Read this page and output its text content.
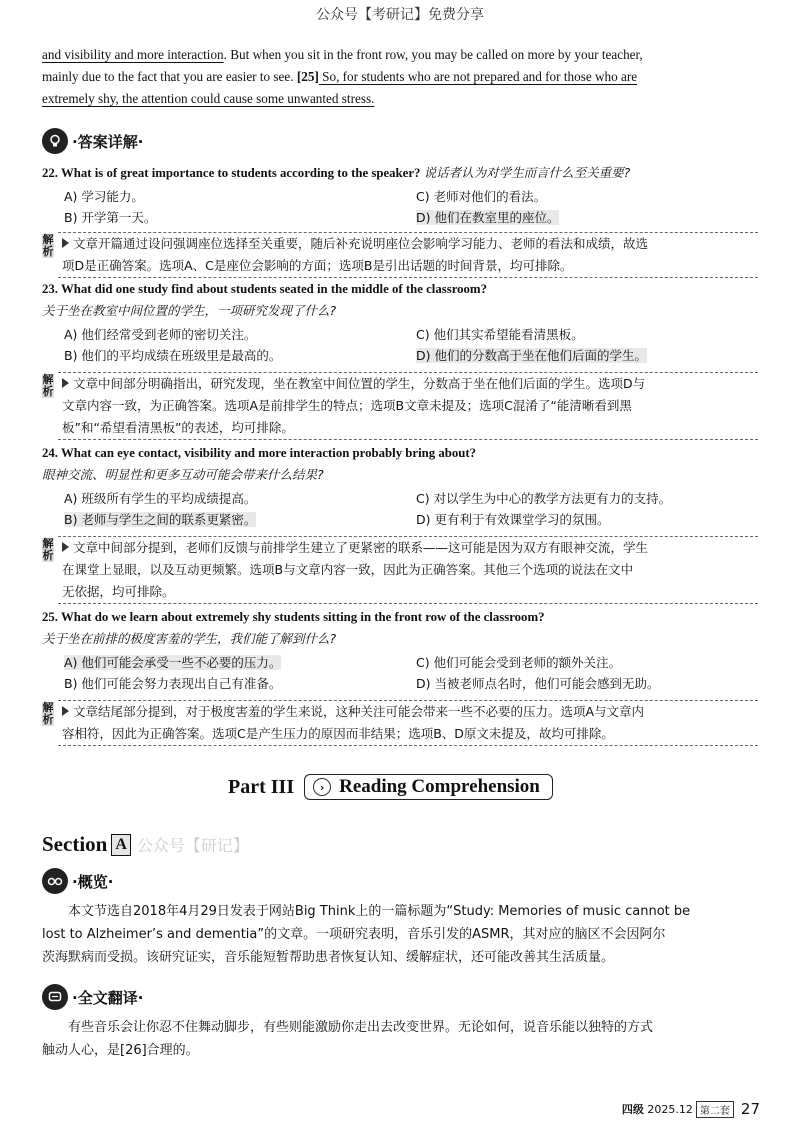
公众号【考研记】免费分享
and visibility and more interaction. But when you sit in the front row, you may be called on more by your teacher,
mainly due to the fact that you are easier to see. [25] So, for students who are not prepared and for those who are
extremely shy, the attention could cause some unwanted stress.
·答案详解·
22. What is of great importance to students according to the speaker? 说话者认为对学生而言什么至关重要?
A) 学习能力。	C) 老师对他们的看法。
B) 开学第一天。	D) 他们在教室里的座位。
解析
文章开篇通过设问强调座位选择至关重要，随后补充说明座位会影响学习能力、老师的看法和成绩，故选
项D是正确答案。选项A、C是座位会影响的方面；选项B是引出话题的时间背景，均可排除。
23. What did one study find about students seated in the middle of the classroom?
关于坐在教室中间位置的学生，一项研究发现了什么?
A) 他们经常受到老师的密切关注。	C) 他们其实希望能看清黑板。
B) 他们的平均成绩在班级里是最高的。	D) 他们的分数高于坐在他们后面的学生。
解析
文章中间部分明确指出，研究发现，坐在教室中间位置的学生，分数高于坐在他们后面的学生。选项D与
文章内容一致，为正确答案。选项A是前排学生的特点；选项B文章未提及；选项C混淆了“能清晰看到黑
板”和“希望看清黑板”的表述，均可排除。
24. What can eye contact, visibility and more interaction probably bring about?
眼神交流、明显性和更多互动可能会带来什么结果?
A) 班级所有学生的平均成绩提高。	C) 对以学生为中心的教学方法更有力的支持。
B) 老师与学生之间的联系更紧密。	D) 更有利于有效课堂学习的氛围。
解析
文章中间部分提到，老师们反馈与前排学生建立了更紧密的联系——这可能是因为双方有眼神交流，学生
在课堂上显眼，以及互动更频繁。选项B与文章内容一致，因此为正确答案。其他三个选项的说法在文中
无依据，均可排除。
25. What do we learn about extremely shy students sitting in the front row of the classroom?
关于坐在前排的极度害羞的学生，我们能了解到什么?
A) 他们可能会承受一些不必要的压力。	C) 他们可能会受到老师的额外关注。
B) 他们可能会努力表现出自己有准备。	D) 当被老师点名时，他们可能会感到无助。
解析
文章结尾部分提到，对于极度害羞的学生来说，这种关注可能会带来一些不必要的压力。选项A与文章内
容相符，因此为正确答案。选项C是产生压力的原因而非结果；选项B、D原文未提及，故均可排除。
Part III	› Reading Comprehension
Section A 公众号【研记】
·概览·
本文节选自2018年4月29日发表于网站Big Think上的一篇标题为“Study: Memories of music cannot be
lost to Alzheimer’s and dementia”的文章。一项研究表明，音乐引发的ASMR，其对应的脑区不会因阿尔
茨海默病而受损。该研究证实，音乐能短暂帮助患者恢复认知、缓解症状，还可能改善其生活质量。
·全文翻译·
有些音乐会让你忍不住舞动脚步，有些则能激励你走出去改变世界。无论如何，说音乐能以独特的方式
触动人心，是[26]合理的。
四级
2025.12 第二套 27
